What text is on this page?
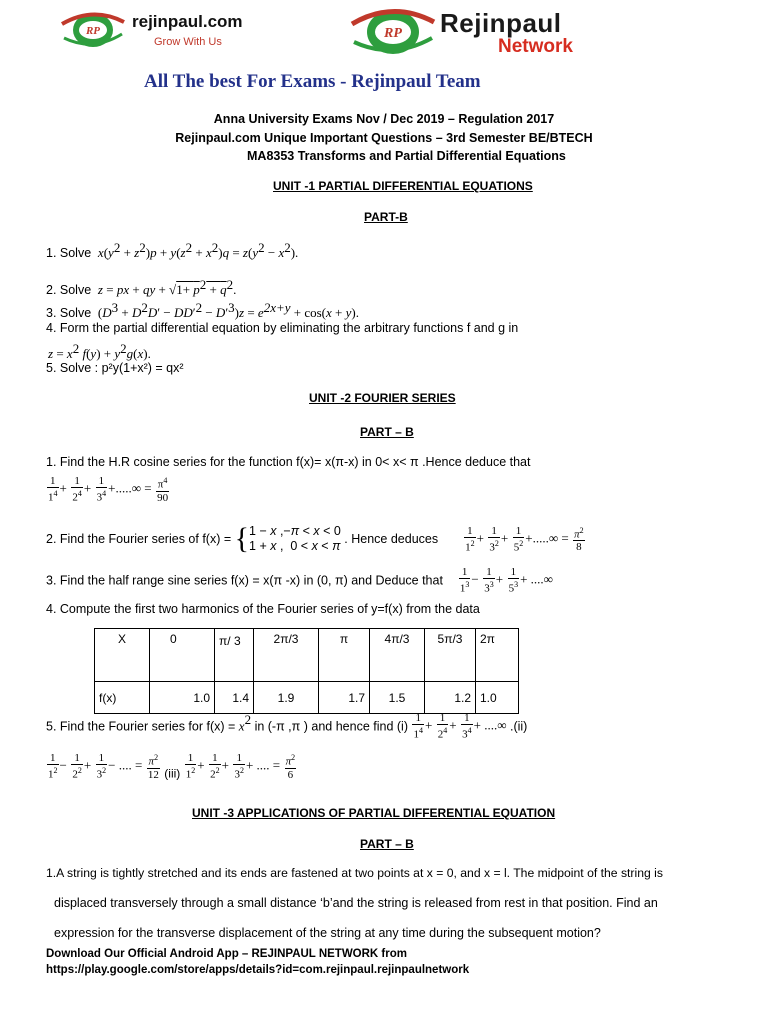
RP rejinpaul.com
Grow With Us
RP Rejinpaul
Network
All The best For Exams - Rejinpaul Team
Anna University Exams Nov / Dec 2019 – Regulation 2017
Rejinpaul.com Unique Important Questions – 3rd Semester BE/BTECH
MA8353 Transforms and Partial Differential Equations
UNIT -1 PARTIAL DIFFERENTIAL EQUATIONS
PART-B
1. Solve  $x(y^2 + z^2)p + y(z^2 + x^2)q = z(y^2 - x^2)$.
2. Solve  z = px + qy + $√1+ \overline{p}^2 + \overline{q}^2$.
3. Solve  $(D^3 + D^2D' - DD'^2 - D'^3)z = e^{2x+y} + \cos(x + y)$.
4. Form the partial differential equation by eliminating the arbitrary functions f and g in
$z = x^2$ $f(y) + y^2g(x)$.
5. Solve : p²y(1+x²) = qx²
UNIT -2 FOURIER SERIES
PART – B
1. Find the H.R cosine series for the function f(x)= x(π-x) in 0< x< π .Hence deduce that
$\frac{1}{1^4} + \frac{1}{2^4} + \frac{1}{3^4}$ +.....∞ = $\frac{\pi^4}{90}$
2. Find the Fourier series of f(x) = {1 − x ,−π < x < 0
1 + x ,  0 < x < π . Hence deduces $\frac{1}{1^2} + \frac{1}{3^2} + \frac{1}{5^2}$ +.....∞ = $\frac{\pi^2}{8}$
3. Find the half range sine series f(x) = x(π -x) in (0, π) and Deduce that $\frac{1}{1^3} - \frac{1}{3^3} + \frac{1}{5^3}$ + ....∞
4. Compute the first two harmonics of the Fourier series of y=f(x) from the data
X	0	π/ 3	2π/3	π	4π/3	5π/3	2π
f(x)	1.0	1.4	1.9	1.7	1.5	1.2	1.0
5. Find the Fourier series for $f(x) = x^2$ in (-π ,π ) and hence find $(i) \frac{1}{1^4} + \frac{1}{2^4} + \frac{1}{3^4}$ + ....∞ .(ii)
$\frac{1}{1^2} - \frac{1}{2^2} + \frac{1}{3^2}$ − .... = $\frac{\pi^2}{12} (iii) \frac{1}{1^2} + \frac{1}{2^2} + \frac{1}{3^2}$ + .... = $\frac{\pi^2}{6}$
UNIT -3 APPLICATIONS OF PARTIAL DIFFERENTIAL EQUATION
PART – B
1.A string is tightly stretched and its ends are fastened at two points at x = 0, and x = l. The midpoint of the string is
displaced transversely through a small distance ‘b’and the string is released from rest in that position. Find an
expression for the transverse displacement of the string at any time during the subsequent motion?
Download Our Official Android App – REJINPAUL NETWORK from
https://play.google.com/store/apps/details?id=com.rejinpaul.rejinpaulnetwork
